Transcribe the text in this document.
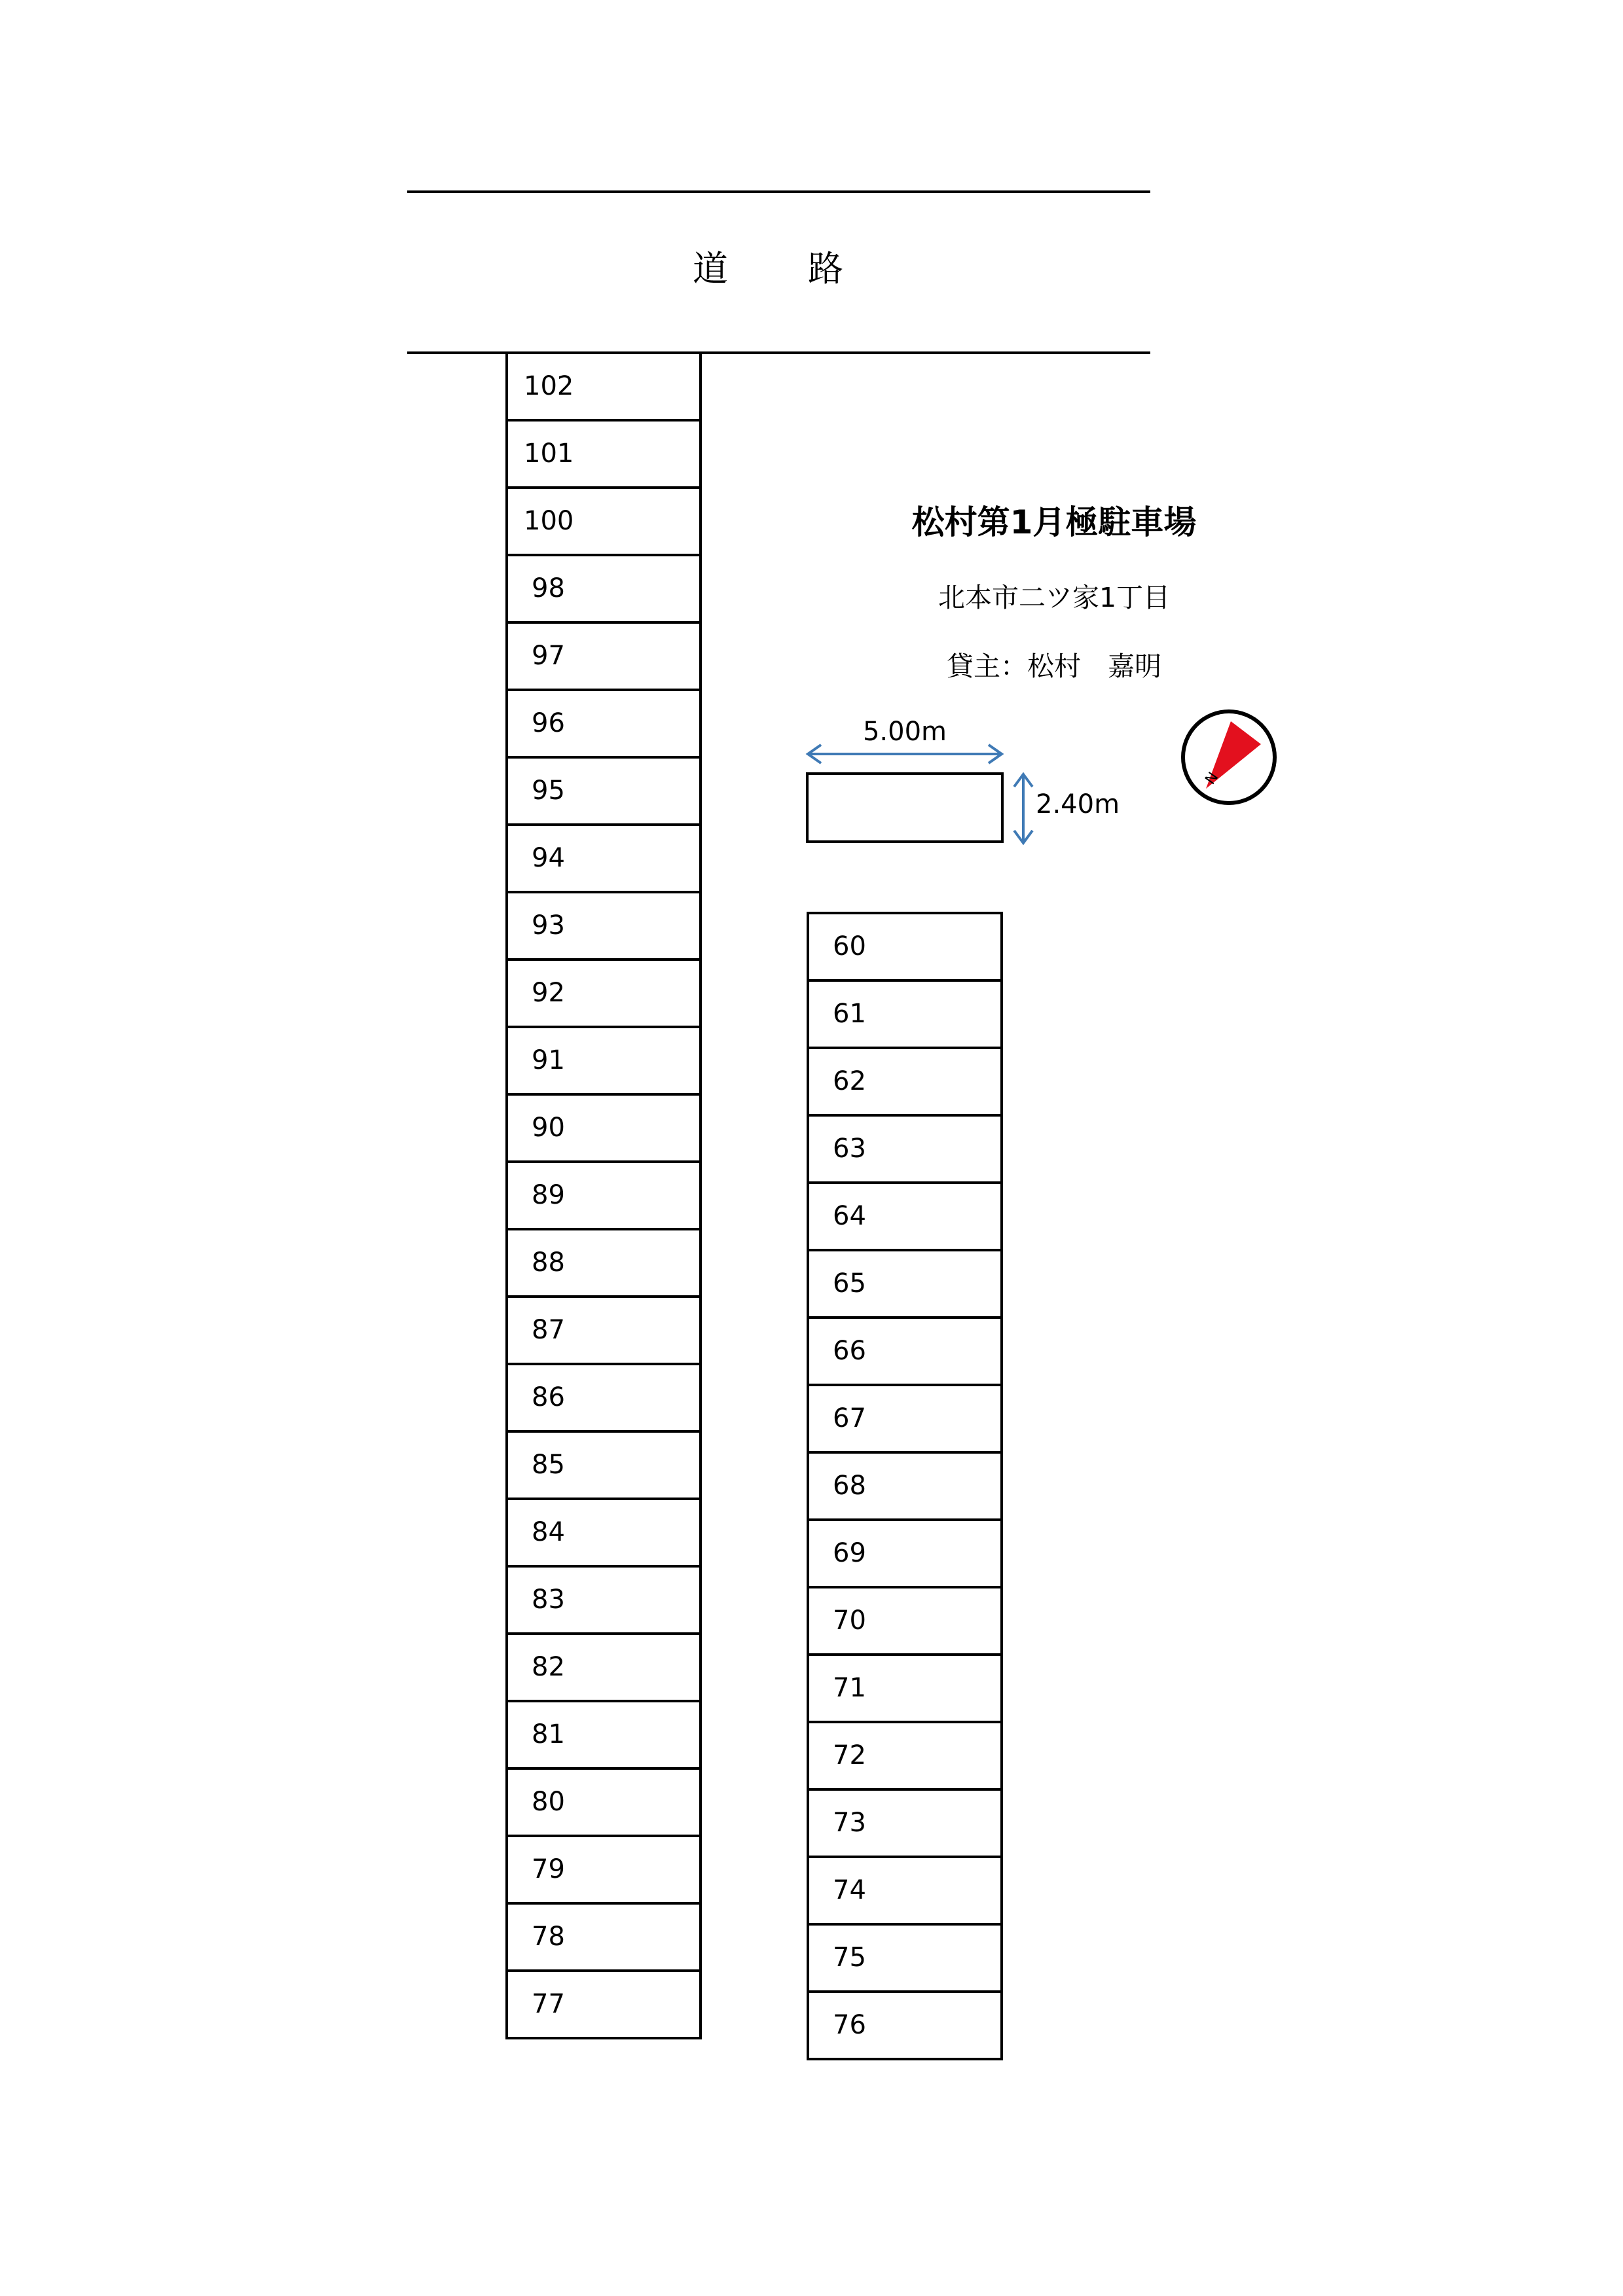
道　路
102
101
100
98
97
96
95
94
93
92
91
90
89
88
87
86
85
84
83
82
81
80
79
78
77
60
61
62
63
64
65
66
67
68
69
70
71
72
73
74
75
76
松村第1月極駐車場
北本市二ツ家1丁目
貸主：松村　嘉明
5.00m
2.40m
N
